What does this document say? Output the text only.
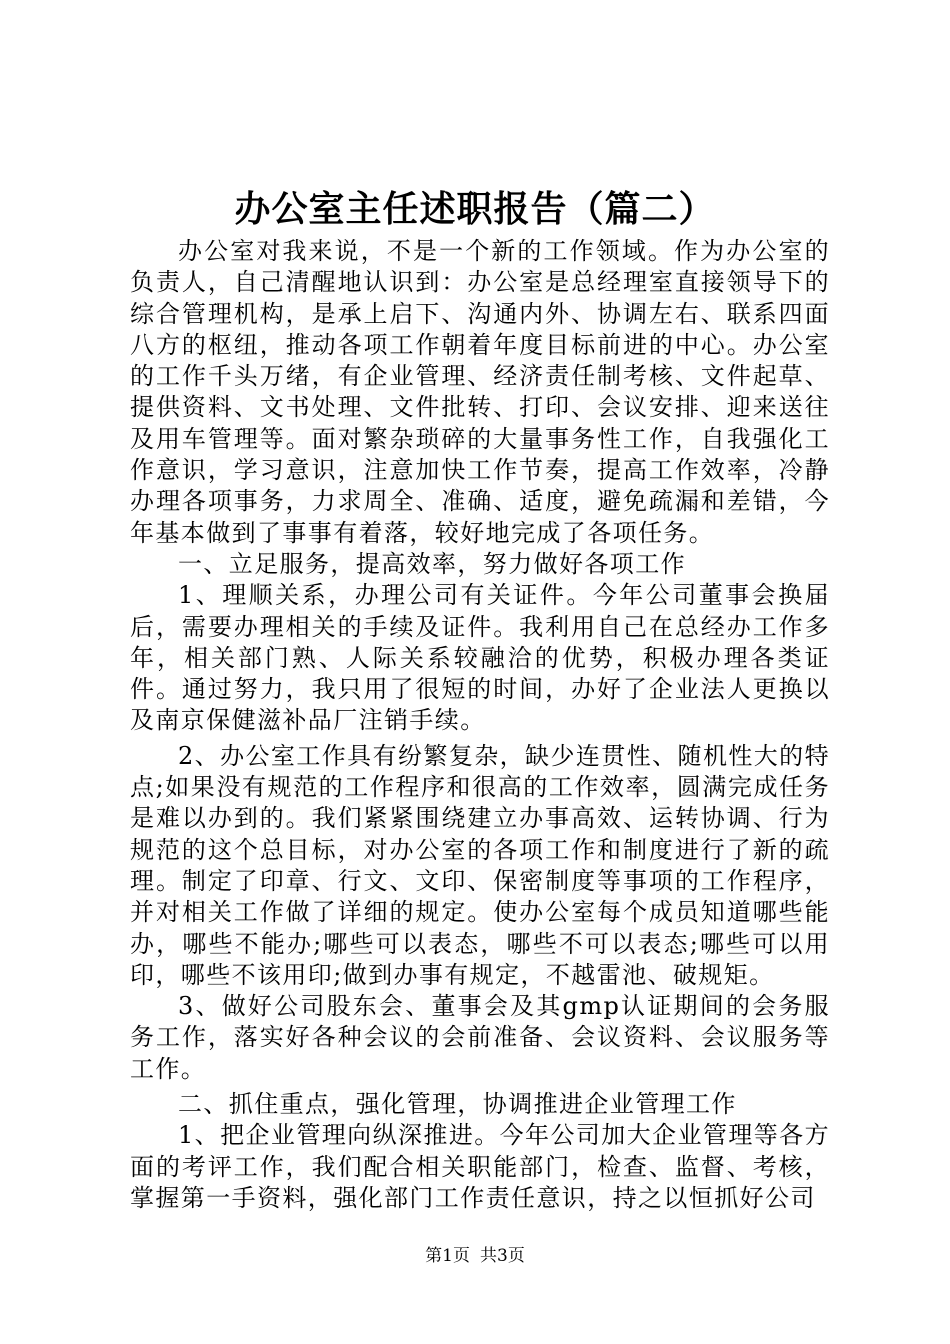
办公室主任述职报告（篇二）

办公室对我来说，不是一个新的工作领域。作为办公室的负责人，自己清醒地认识到：办公室是总经理室直接领导下的综合管理机构，是承上启下、沟通内外、协调左右、联系四面八方的枢纽，推动各项工作朝着年度目标前进的中心。办公室的工作千头万绪，有企业管理、经济责任制考核、文件起草、提供资料、文书处理、文件批转、打印、会议安排、迎来送往及用车管理等。面对繁杂琐碎的大量事务性工作，自我强化工作意识，学习意识，注意加快工作节奏，提高工作效率，冷静办理各项事务，力求周全、准确、适度，避免疏漏和差错，今年基本做到了事事有着落，较好地完成了各项任务。

一、立足服务，提高效率，努力做好各项工作

1、理顺关系，办理公司有关证件。今年公司董事会换届后，需要办理相关的手续及证件。我利用自己在总经办工作多年，相关部门熟、人际关系较融洽的优势，积极办理各类证件。通过努力，我只用了很短的时间，办好了企业法人更换以及南京保健滋补品厂注销手续。

2、办公室工作具有纷繁复杂，缺少连贯性、随机性大的特点;如果没有规范的工作程序和很高的工作效率，圆满完成任务是难以办到的。我们紧紧围绕建立办事高效、运转协调、行为规范的这个总目标，对办公室的各项工作和制度进行了新的疏理。制定了印章、行文、文印、保密制度等事项的工作程序，并对相关工作做了详细的规定。使办公室每个成员知道哪些能办，哪些不能办;哪些可以表态，哪些不可以表态;哪些可以用印，哪些不该用印;做到办事有规定，不越雷池、破规矩。

3、做好公司股东会、董事会及其gmp认证期间的会务服务工作，落实好各种会议的会前准备、会议资料、会议服务等工作。

二、抓住重点，强化管理，协调推进企业管理工作

1、把企业管理向纵深推进。今年公司加大企业管理等各方面的考评工作，我们配合相关职能部门，检查、监督、考核，掌握第一手资料，强化部门工作责任意识，持之以恒抓好公司

第1页 共3页
